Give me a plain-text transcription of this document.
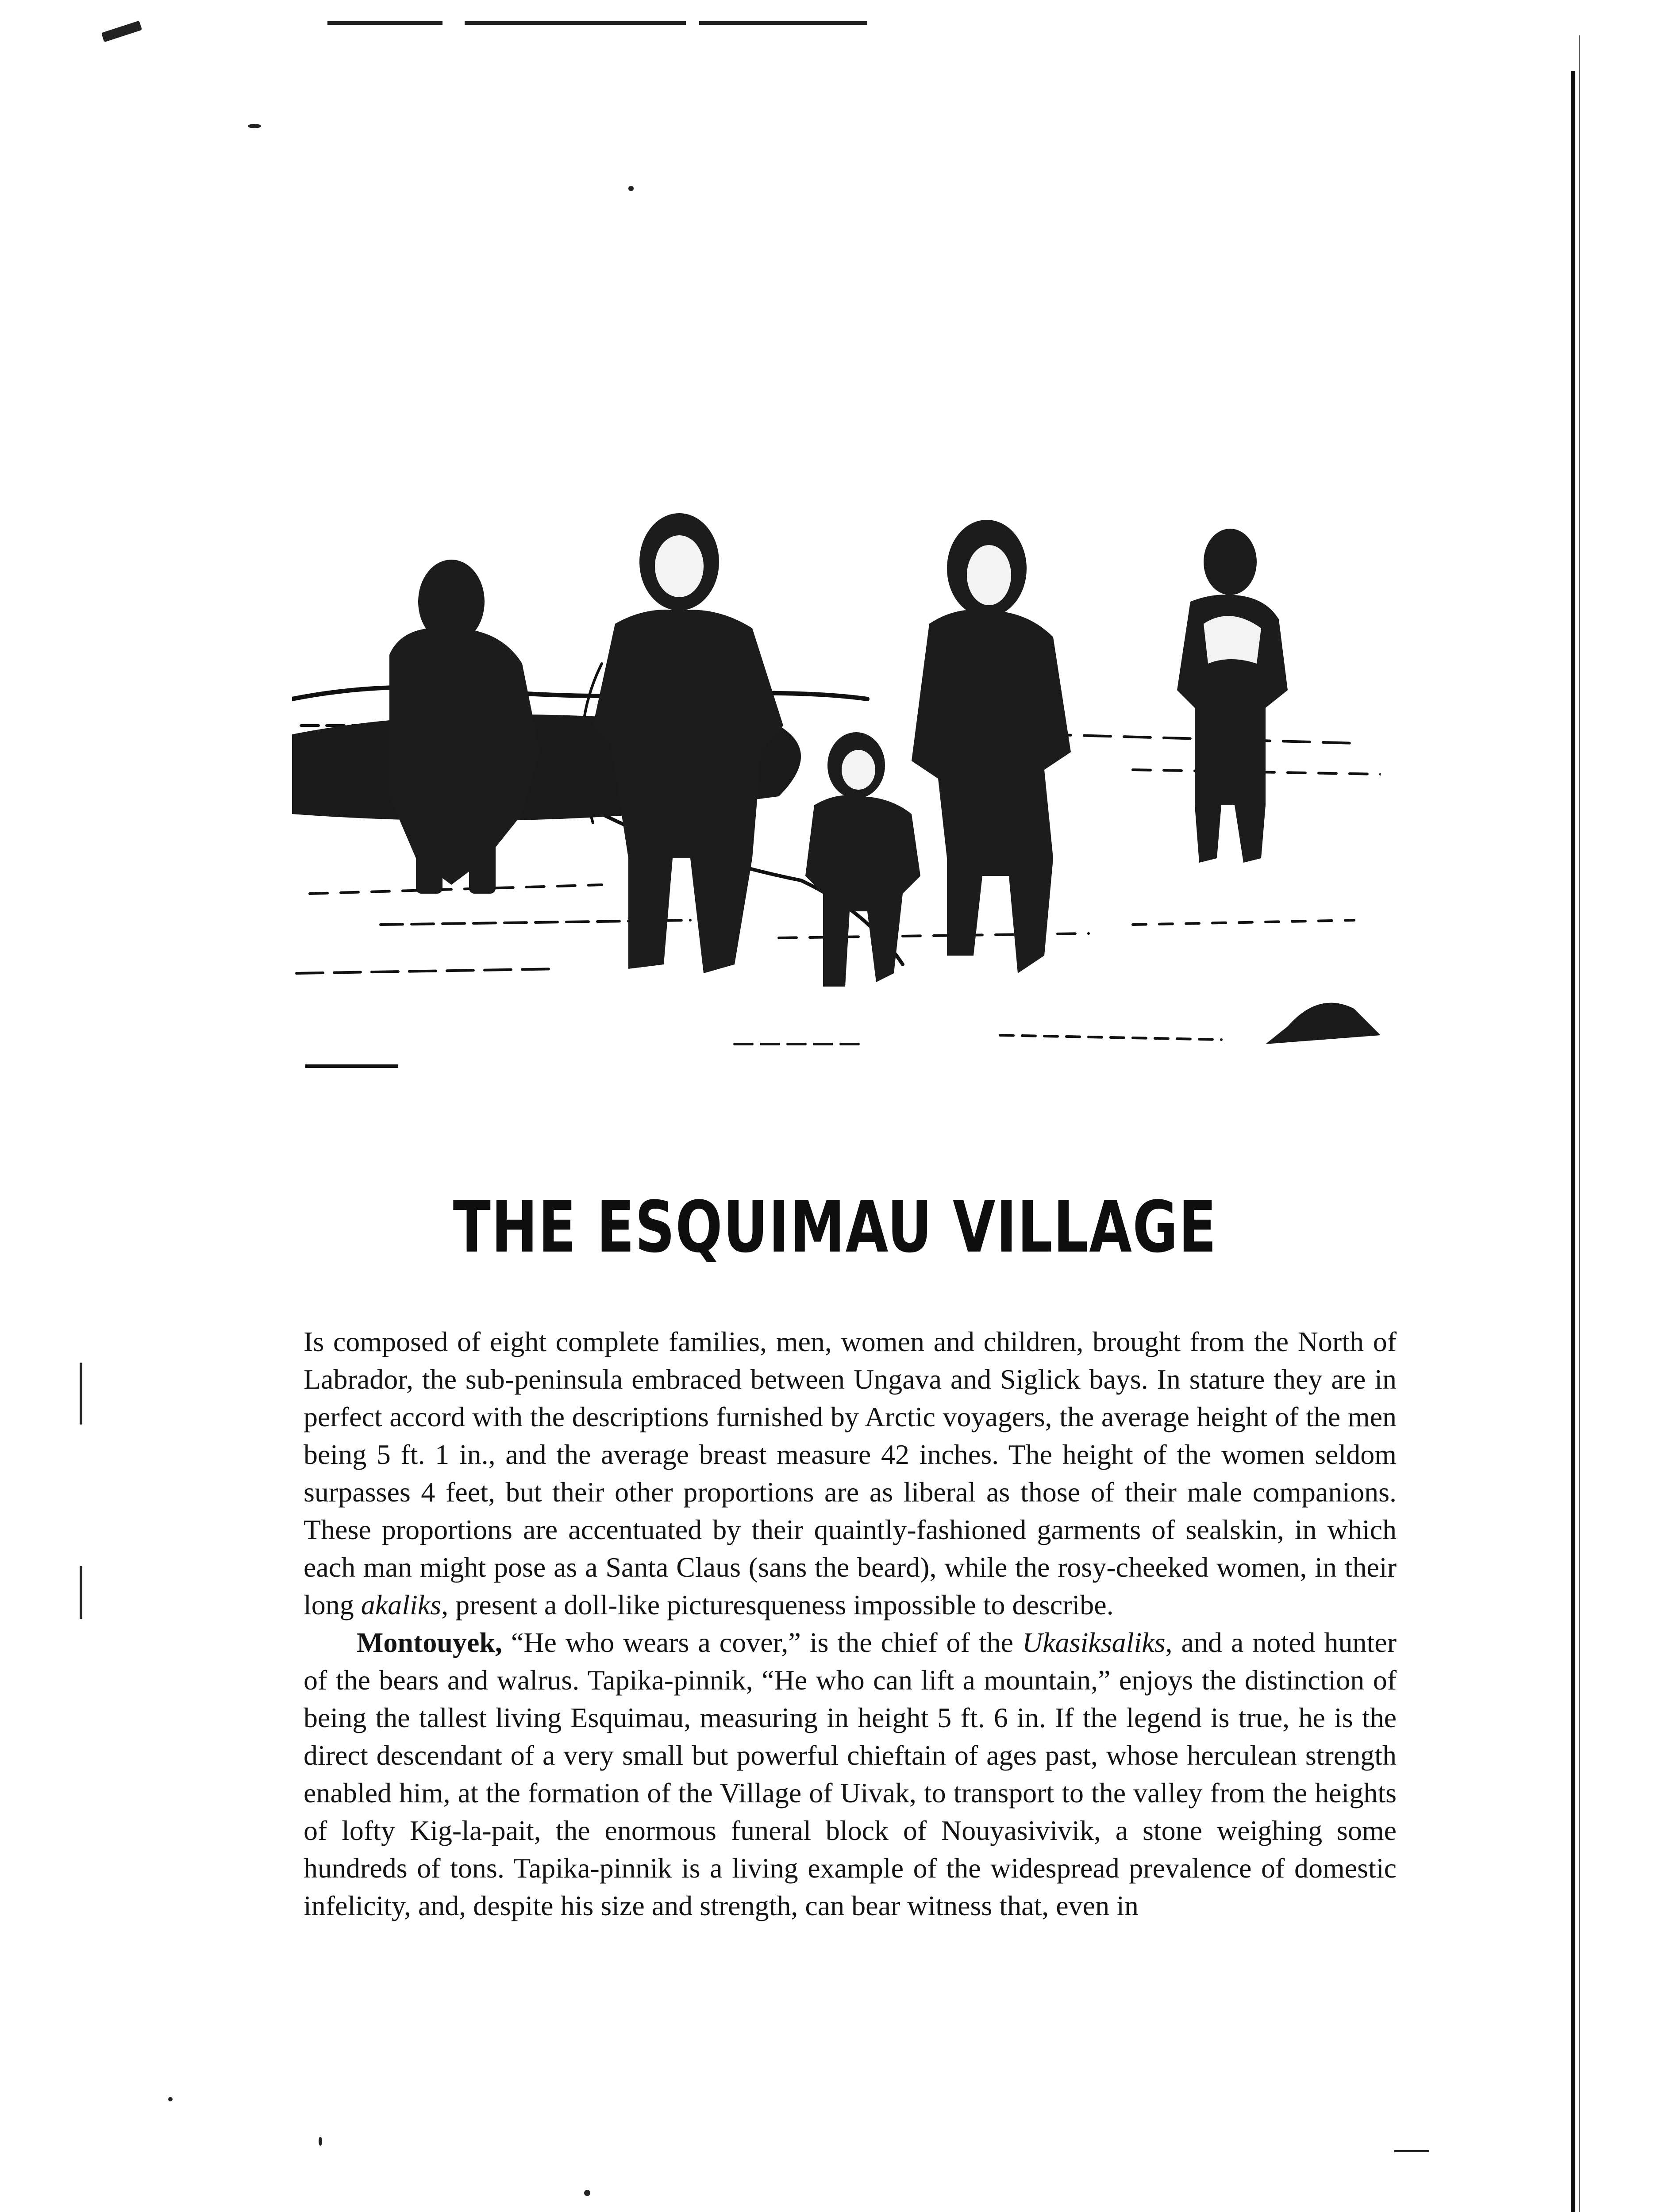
THE ESQUIMAU VILLAGE

Is composed of eight complete families, men, women and children, brought from the North of Labrador, the sub-peninsula embraced between Ungava and Siglick bays. In stature they are in perfect accord with the descriptions furnished by Arctic voyagers, the average height of the men being 5 ft. 1 in., and the average breast measure 42 inches. The height of the women seldom surpasses 4 feet, but their other proportions are as liberal as those of their male companions. These proportions are accentuated by their quaintly-fashioned garments of sealskin, in which each man might pose as a Santa Claus (sans the beard), while the rosy-cheeked women, in their long akaliks, present a doll-like picturesqueness impossible to describe.

Montouyek, “He who wears a cover,” is the chief of the Ukasiksaliks, and a noted hunter of the bears and walrus. Tapika-pinnik, “He who can lift a mountain,” enjoys the distinction of being the tallest living Esquimau, measuring in height 5 ft. 6 in. If the legend is true, he is the direct descendant of a very small but powerful chieftain of ages past, whose herculean strength enabled him, at the formation of the Village of Uivak, to transport to the valley from the heights of lofty Kig-la-pait, the enormous funeral block of Nouyasivivik, a stone weighing some hundreds of tons. Tapika-pinnik is a living example of the widespread prevalence of domestic infelicity, and, despite his size and strength, can bear witness that, even in
